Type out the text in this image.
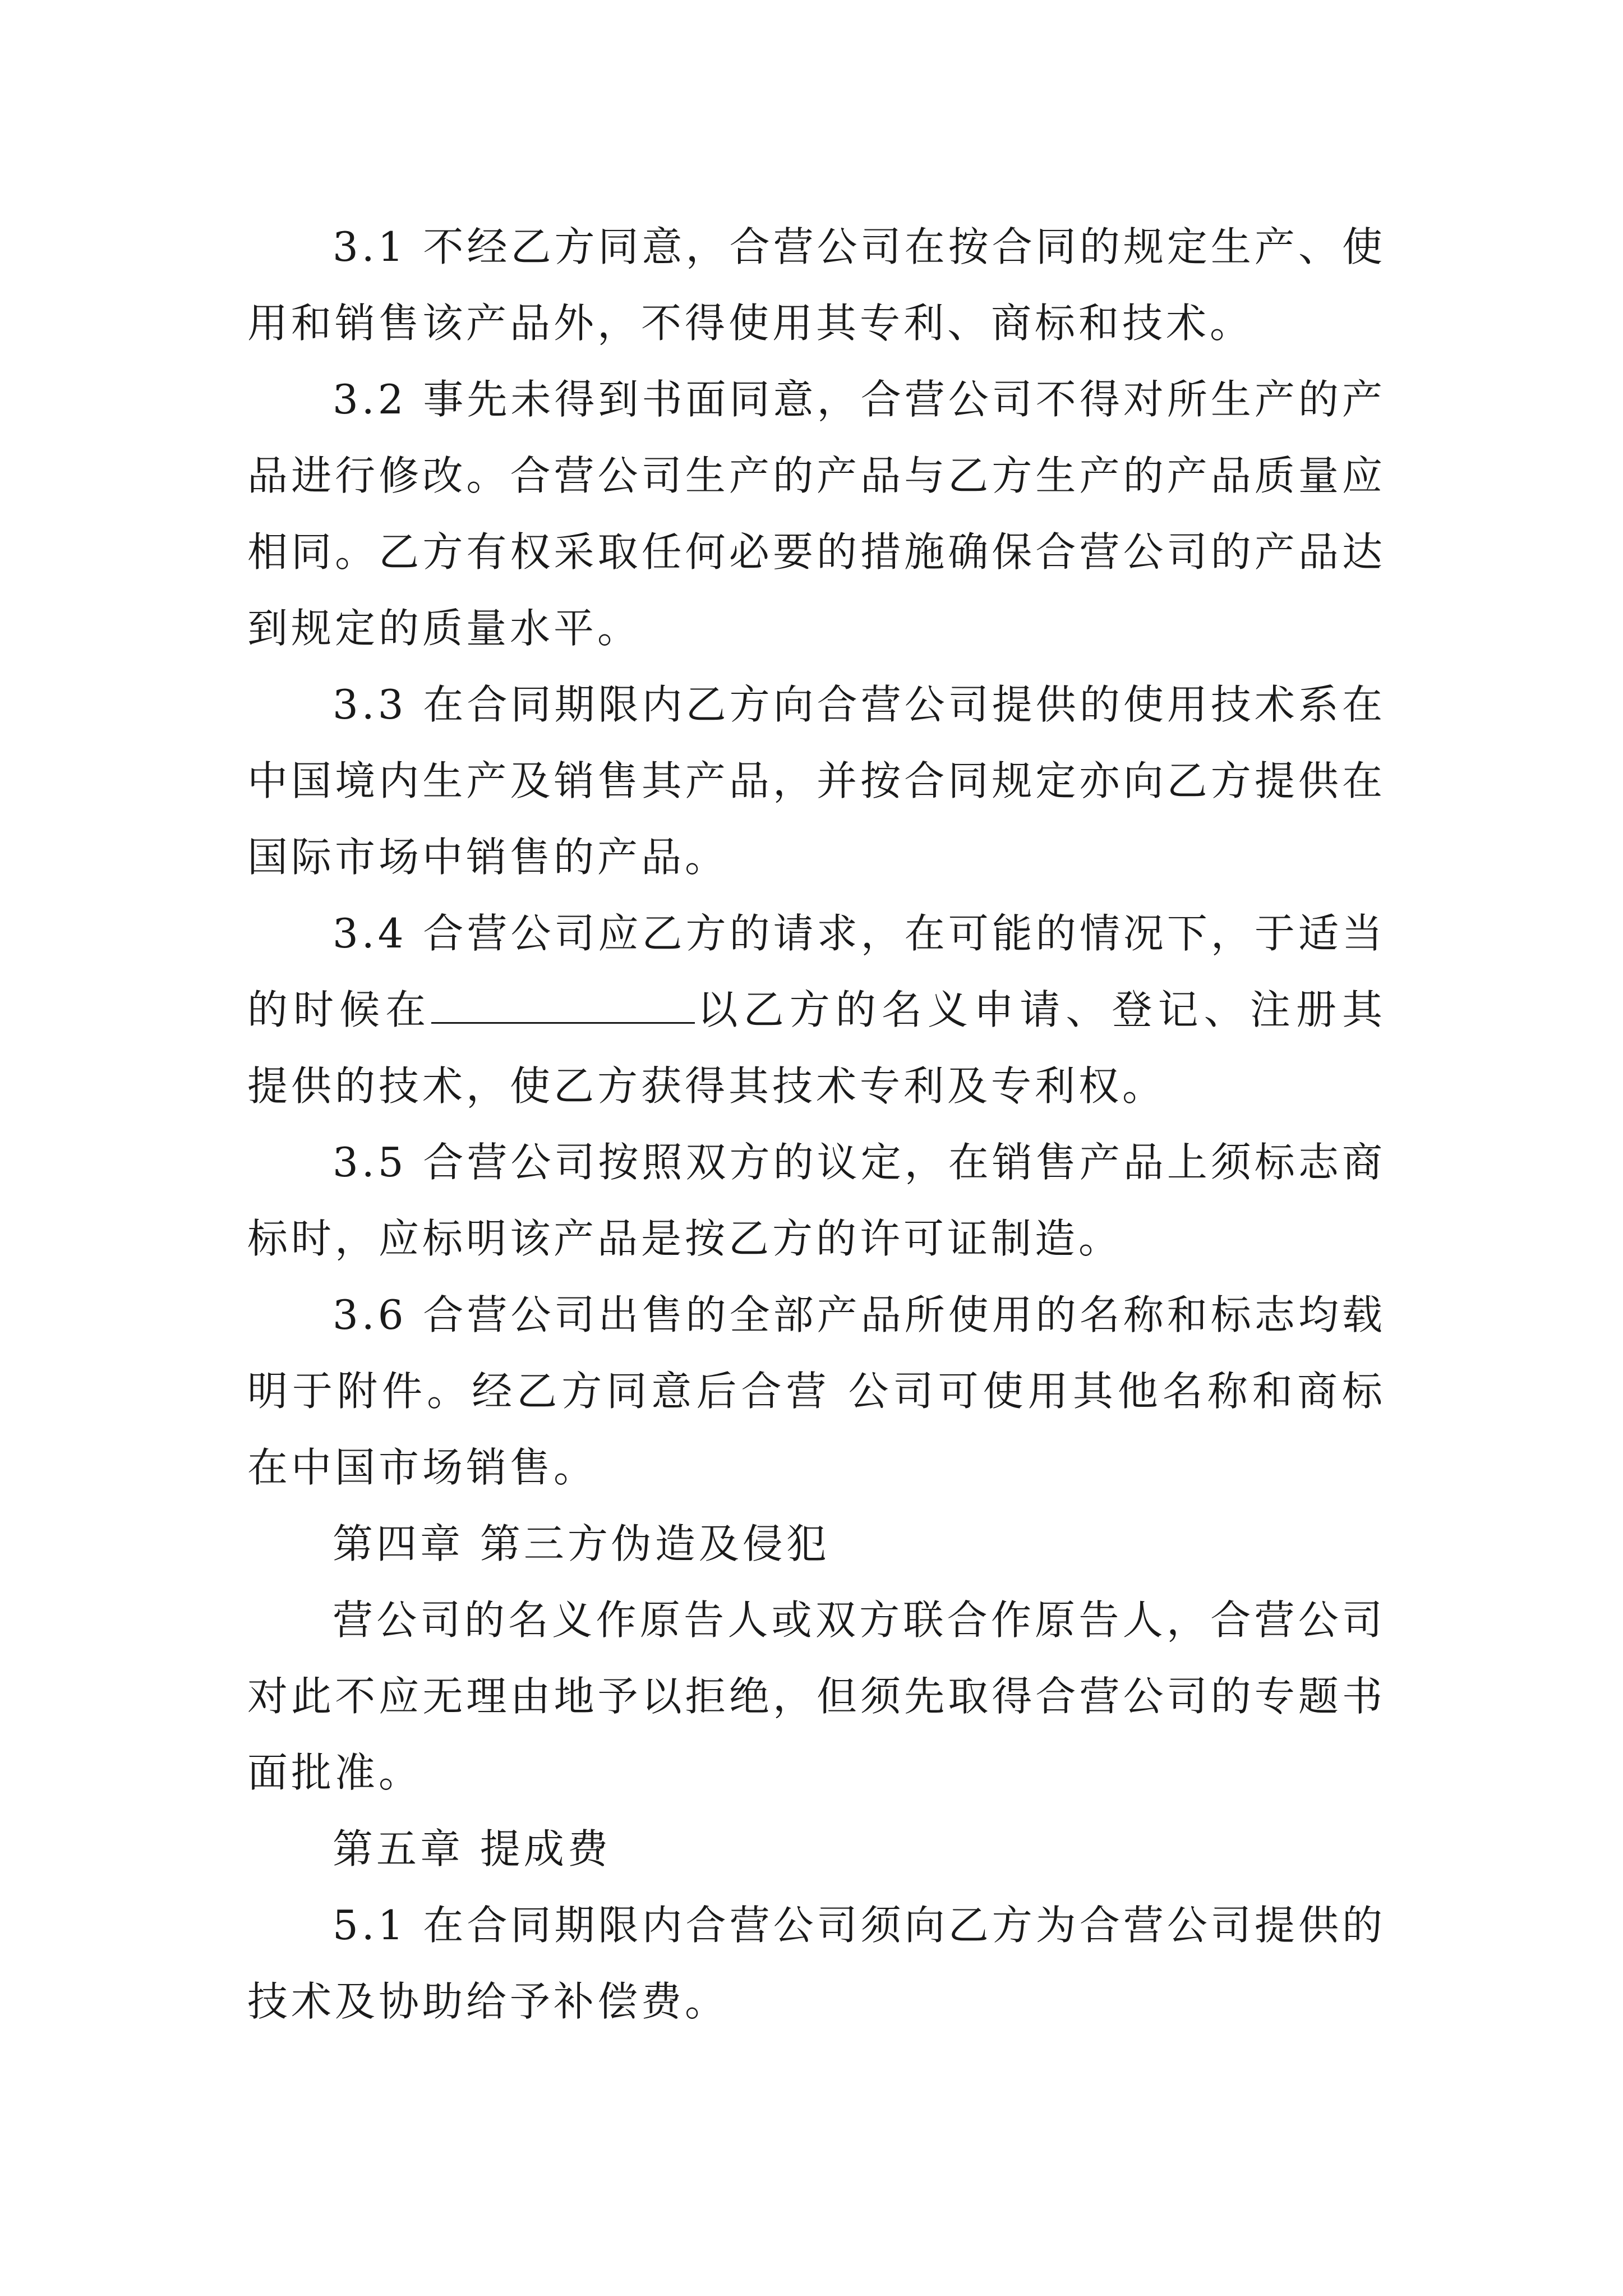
3.1 不经乙方同意，合营公司在按合同的规定生产、使用和销售该产品外，不得使用其专利、商标和技术。

3.2 事先未得到书面同意，合营公司不得对所生产的产品进行修改。合营公司生产的产品与乙方生产的产品质量应相同。乙方有权采取任何必要的措施确保合营公司的产品达到规定的质量水平。

3.3 在合同期限内乙方向合营公司提供的使用技术系在中国境内生产及销售其产品，并按合同规定亦向乙方提供在国际市场中销售的产品。

3.4 合营公司应乙方的请求，在可能的情况下，于适当的时候在	以乙方的名义申请、登记、注册其提供的技术，使乙方获得其技术专利及专利权。

3.5 合营公司按照双方的议定，在销售产品上须标志商标时，应标明该产品是按乙方的许可证制造。

3.6 合营公司出售的全部产品所使用的名称和标志均载明于附件。经乙方同意后合营 公司可使用其他名称和商标在中国市场销售。

第四章 第三方伪造及侵犯

营公司的名义作原告人或双方联合作原告人，合营公司对此不应无理由地予以拒绝，但须先取得合营公司的专题书面批准。

第五章 提成费

5.1 在合同期限内合营公司须向乙方为合营公司提供的技术及协助给予补偿费。
